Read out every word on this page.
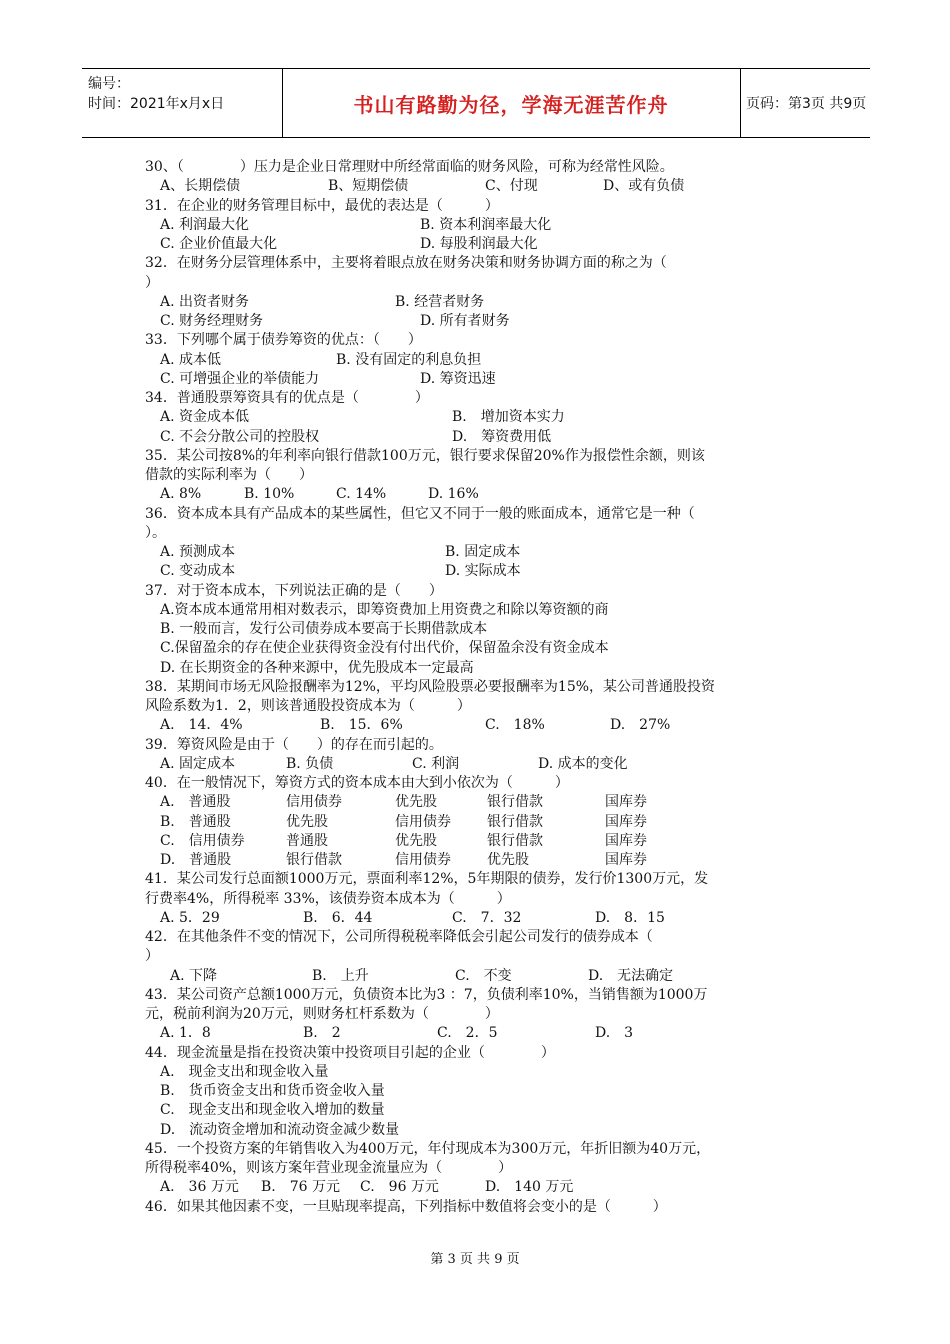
编号：
时间：2021年x月x日	书山有路勤为径，学海无涯苦作舟	页码：第3页 共9页
30、（　　　　）压力是企业日常理财中所经常面临的财务风险，可称为经常性风险。
A、长期偿债	B、短期偿债	C、付现	D、或有负债
31．在企业的财务管理目标中，最优的表达是（　　　）
A. 利润最大化	B. 资本利润率最大化
C. 企业价值最大化	D. 每股利润最大化
32．在财务分层管理体系中，主要将着眼点放在财务决策和财务协调方面的称之为（
）
A. 出资者财务	B. 经营者财务
C. 财务经理财务	D. 所有者财务
33．下列哪个属于债券筹资的优点：（　　）
A. 成本低	B. 没有固定的利息负担
C. 可增强企业的举债能力	D. 筹资迅速
34．普通股票筹资具有的优点是（　　　　）
A. 资金成本低	B.　增加资本实力
C. 不会分散公司的控股权	D.　筹资费用低
35．某公司按8%的年利率向银行借款100万元，银行要求保留20%作为报偿性余额，则该
借款的实际利率为（　　）
A. 8%	B. 10%	C. 14%	D. 16%
36．资本成本具有产品成本的某些属性，但它又不同于一般的账面成本，通常它是一种（
）。
A. 预测成本	B. 固定成本
C. 变动成本	D. 实际成本
37．对于资本成本，下列说法正确的是（　　）
A.资本成本通常用相对数表示，即筹资费加上用资费之和除以筹资额的商
B. 一般而言，发行公司债券成本要高于长期借款成本
C.保留盈余的存在使企业获得资金没有付出代价，保留盈余没有资金成本
D. 在长期资金的各种来源中，优先股成本一定最高
38．某期间市场无风险报酬率为12%，平均风险股票必要报酬率为15%，某公司普通股投资
风险系数为1．2，则该普通股投资成本为（　　　）
A.　14．4%	B.　15．6%	C.　18%	D.　27%
39．筹资风险是由于（　　）的存在而引起的。
A. 固定成本	B. 负债	C. 利润	D. 成本的变化
40．在一般情况下，筹资方式的资本成本由大到小依次为（　　　）
A.　普通股	信用债券	优先股	银行借款	国库券
B.　普通股	优先股	信用债券	银行借款	国库券
C.　信用债券	普通股	优先股	银行借款	国库券
D.　普通股	银行借款	信用债券	优先股	国库券
41．某公司发行总面额1000万元，票面利率12%，5年期限的债券，发行价1300万元，发
行费率4%，所得税率 33%，该债券资本成本为（　　　）
A. 5．29	B.　6．44	C.　7．32	D.　8．15
42．在其他条件不变的情况下，公司所得税税率降低会引起公司发行的债券成本（
）
A. 下降	B.　上升	C.　不变	D.　无法确定
43．某公司资产总额1000万元，负债资本比为3 ：7，负债利率10%，当销售额为1000万
元，税前利润为20万元，则财务杠杆系数为（　　　　）
A. 1．8	B.　2	C.　2．5	D.　3
44．现金流量是指在投资决策中投资项目引起的企业（　　　　）
A.　现金支出和现金收入量
B.　货币资金支出和货币资金收入量
C.　现金支出和现金收入增加的数量
D.　流动资金增加和流动资金减少数量
45．一个投资方案的年销售收入为400万元，年付现成本为300万元，年折旧额为40万元，
所得税率40%，则该方案年营业现金流量应为（　　　　）
A.　36 万元 B.　76 万元 C.　96 万元	D.　140 万元
46．如果其他因素不变，一旦贴现率提高，下列指标中数值将会变小的是（　　　）
第 3 页 共 9 页
